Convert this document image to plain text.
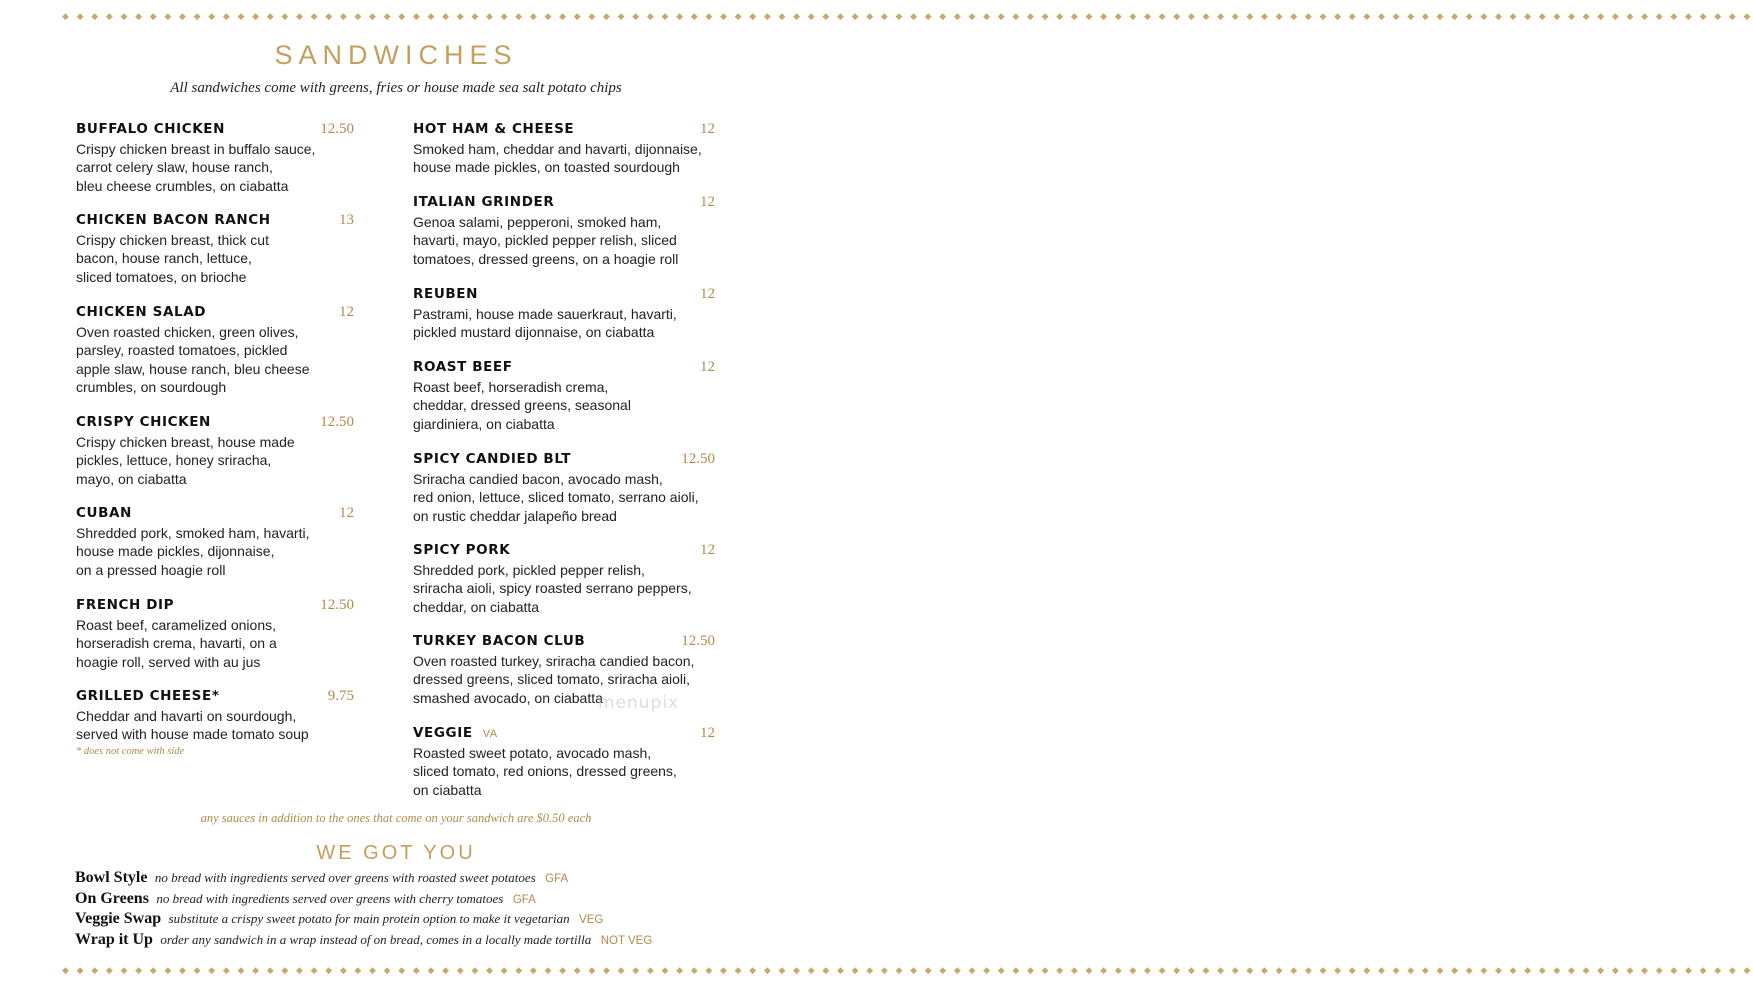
◆ ◆ ◆ ◆ ◆ ◆ ◆ ◆ ◆ ◆ ◆ ◆ ◆ ◆ ◆ ◆ ◆ ◆ ◆ ◆ ◆ ◆ ◆ ◆ ◆ ◆ ◆ ◆ ◆ ◆ ◆ ◆ ◆ ◆ ◆ ◆ ◆ ◆ ◆ ◆ ◆ ◆ ◆ ◆ ◆ ◆ ◆ ◆ ◆ ◆ ◆ ◆ ◆ ◆ ◆ ◆ ◆ ◆ ◆ ◆ ◆ ◆ ◆ ◆ ◆ ◆ ◆ ◆ ◆ ◆ ◆ ◆ ◆ ◆ ◆ ◆ ◆ ◆ ◆ ◆ ◆ ◆ ◆ ◆ ◆ ◆ ◆ ◆ ◆ ◆ ◆ ◆ ◆ ◆ ◆ ◆ ◆ ◆ ◆ ◆ ◆ ◆ ◆ ◆ ◆ ◆ ◆ ◆ ◆ ◆ ◆ ◆ ◆ ◆ ◆ ◆
SANDWICHES
All sandwiches come with greens, fries or house made sea salt potato chips
BUFFALO CHICKEN	12.50
Crispy chicken breast in buffalo sauce,
carrot celery slaw, house ranch,
bleu cheese crumbles, on ciabatta
CHICKEN BACON RANCH	13
Crispy chicken breast, thick cut
bacon, house ranch, lettuce,
sliced tomatoes, on brioche
CHICKEN SALAD	12
Oven roasted chicken, green olives,
parsley, roasted tomatoes, pickled
apple slaw, house ranch, bleu cheese
crumbles, on sourdough
CRISPY CHICKEN	12.50
Crispy chicken breast, house made
pickles, lettuce, honey sriracha,
mayo, on ciabatta
CUBAN	12
Shredded pork, smoked ham, havarti,
house made pickles, dijonnaise,
on a pressed hoagie roll
FRENCH DIP	12.50
Roast beef, caramelized onions,
horseradish crema, havarti, on a
hoagie roll, served with au jus
GRILLED CHEESE*	9.75
Cheddar and havarti on sourdough,
served with house made tomato soup
* does not come with side
HOT HAM & CHEESE	12
Smoked ham, cheddar and havarti, dijonnaise,
house made pickles, on toasted sourdough
ITALIAN GRINDER	12
Genoa salami, pepperoni, smoked ham,
havarti, mayo, pickled pepper relish, sliced
tomatoes, dressed greens, on a hoagie roll
REUBEN	12
Pastrami, house made sauerkraut, havarti,
pickled mustard dijonnaise, on ciabatta
ROAST BEEF	12
Roast beef, horseradish crema,
cheddar, dressed greens, seasonal
giardiniera, on ciabatta
SPICY CANDIED BLT	12.50
Sriracha candied bacon, avocado mash,
red onion, lettuce, sliced tomato, serrano aioli,
on rustic cheddar jalapeño bread
SPICY PORK	12
Shredded pork, pickled pepper relish,
sriracha aioli, spicy roasted serrano peppers,
cheddar, on ciabatta
TURKEY BACON CLUB	12.50
Oven roasted turkey, sriracha candied bacon,
dressed greens, sliced tomato, sriracha aioli,
smashed avocado, on ciabatta
VEGGIE VA	12
Roasted sweet potato, avocado mash,
sliced tomato, red onions, dressed greens,
on ciabatta
menupix
any sauces in addition to the ones that come on your sandwich are $0.50 each
WE GOT YOU
Bowl Style no bread with ingredients served over greens with roasted sweet potatoes GFA
On Greens no bread with ingredients served over greens with cherry tomatoes GFA
Veggie Swap substitute a crispy sweet potato for main protein option to make it vegetarian VEG
Wrap it Up order any sandwich in a wrap instead of on bread, comes in a locally made tortilla NOT VEG
◆ ◆ ◆ ◆ ◆ ◆ ◆ ◆ ◆ ◆ ◆ ◆ ◆ ◆ ◆ ◆ ◆ ◆ ◆ ◆ ◆ ◆ ◆ ◆ ◆ ◆ ◆ ◆ ◆ ◆ ◆ ◆ ◆ ◆ ◆ ◆ ◆ ◆ ◆ ◆ ◆ ◆ ◆ ◆ ◆ ◆ ◆ ◆ ◆ ◆ ◆ ◆ ◆ ◆ ◆ ◆ ◆ ◆ ◆ ◆ ◆ ◆ ◆ ◆ ◆ ◆ ◆ ◆ ◆ ◆ ◆ ◆ ◆ ◆ ◆ ◆ ◆ ◆ ◆ ◆ ◆ ◆ ◆ ◆ ◆ ◆ ◆ ◆ ◆ ◆ ◆ ◆ ◆ ◆ ◆ ◆ ◆ ◆ ◆ ◆ ◆ ◆ ◆ ◆ ◆ ◆ ◆ ◆ ◆ ◆ ◆ ◆ ◆ ◆ ◆ ◆
